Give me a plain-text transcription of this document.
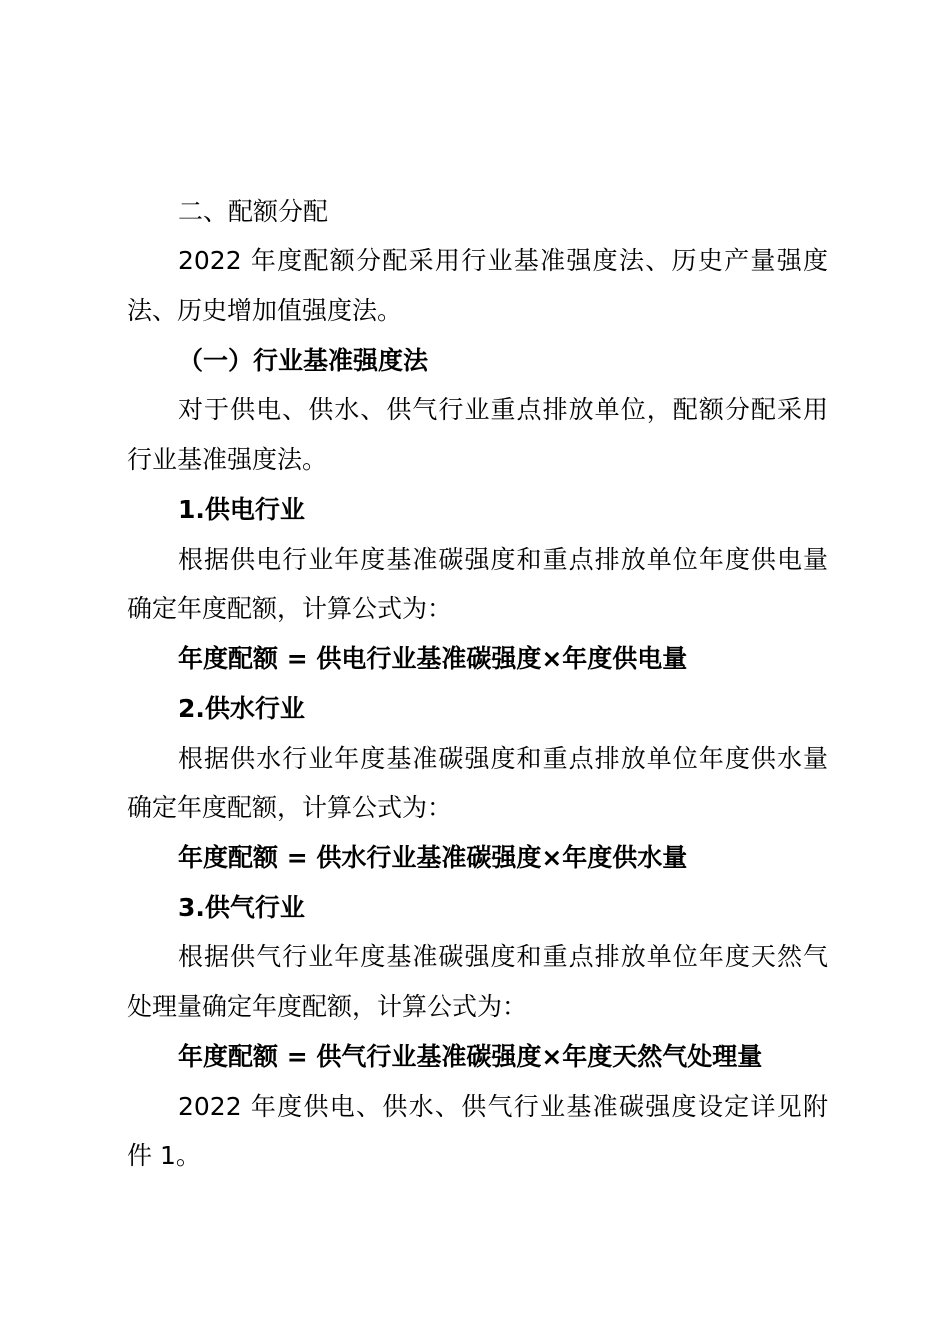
二、配额分配
2022 年度配额分配采用行业基准强度法、历史产量强度
法、历史增加值强度法。
（一）行业基准强度法
对于供电、供水、供气行业重点排放单位，配额分配采用
行业基准强度法。
1.供电行业
根据供电行业年度基准碳强度和重点排放单位年度供电量
确定年度配额，计算公式为：
年度配额 = 供电行业基准碳强度×年度供电量
2.供水行业
根据供水行业年度基准碳强度和重点排放单位年度供水量
确定年度配额，计算公式为：
年度配额 = 供水行业基准碳强度×年度供水量
3.供气行业
根据供气行业年度基准碳强度和重点排放单位年度天然气
处理量确定年度配额，计算公式为：
年度配额 = 供气行业基准碳强度×年度天然气处理量
2022 年度供电、供水、供气行业基准碳强度设定详见附
件 1。
